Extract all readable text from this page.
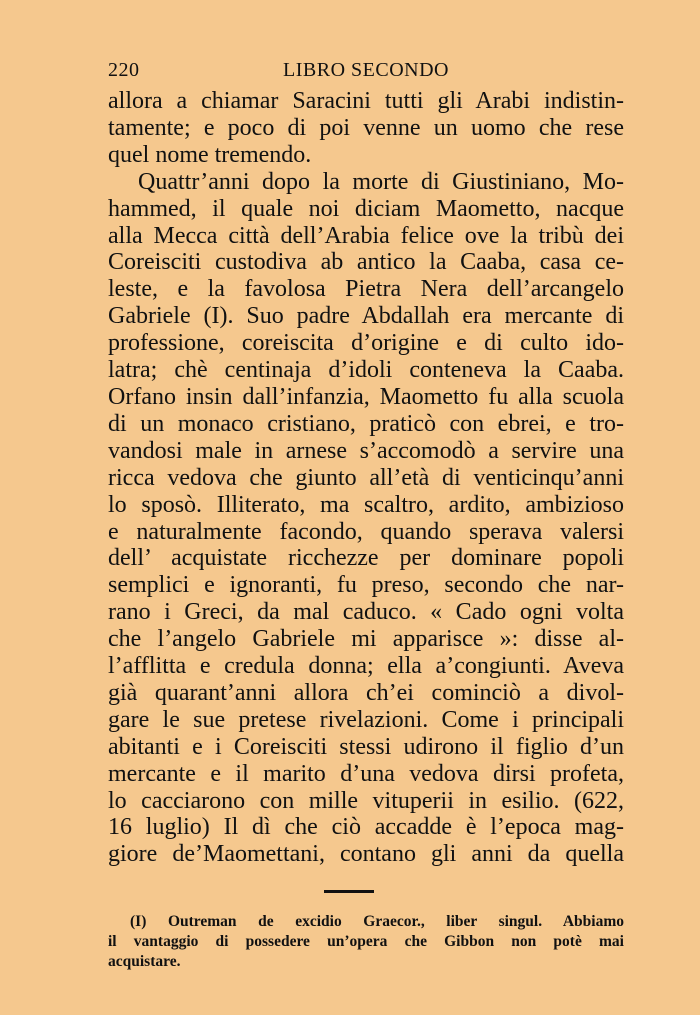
220	LIBRO SECONDO
allora a chiamar Saracini tutti gli Arabi indistin-
tamente; e poco di poi venne un uomo che rese
quel nome tremendo.
Quattr’anni dopo la morte di Giustiniano, Mo-
hammed, il quale noi diciam Maometto, nacque
alla Mecca città dell’Arabia felice ove la tribù dei
Coreisciti custodiva ab antico la Caaba, casa ce-
leste, e la favolosa Pietra Nera dell’arcangelo
Gabriele (I). Suo padre Abdallah era mercante di
professione, coreiscita d’origine e di culto ido-
latra; chè centinaja d’idoli conteneva la Caaba.
Orfano insin dall’infanzia, Maometto fu alla scuola
di un monaco cristiano, praticò con ebrei, e tro-
vandosi male in arnese s’accomodò a servire una
ricca vedova che giunto all’età di venticinqu’anni
lo sposò. Illiterato, ma scaltro, ardito, ambizioso
e naturalmente facondo, quando sperava valersi
dell’ acquistate ricchezze per dominare popoli
semplici e ignoranti, fu preso, secondo che nar-
rano i Greci, da mal caduco. « Cado ogni volta
che l’angelo Gabriele mi apparisce »: disse al-
l’afflitta e credula donna; ella a’congiunti. Aveva
già quarant’anni allora ch’ei cominciò a divol-
gare le sue pretese rivelazioni. Come i principali
abitanti e i Coreisciti stessi udirono il figlio d’un
mercante e il marito d’una vedova dirsi profeta,
lo cacciarono con mille vituperii in esilio. (622,
16 luglio) Il dì che ciò accadde è l’epoca mag-
giore de’Maomettani, contano gli anni da quella
(I) Outreman de excidio Graecor., liber singul. Abbiamo
il vantaggio di possedere un’opera che Gibbon non potè mai
acquistare.
